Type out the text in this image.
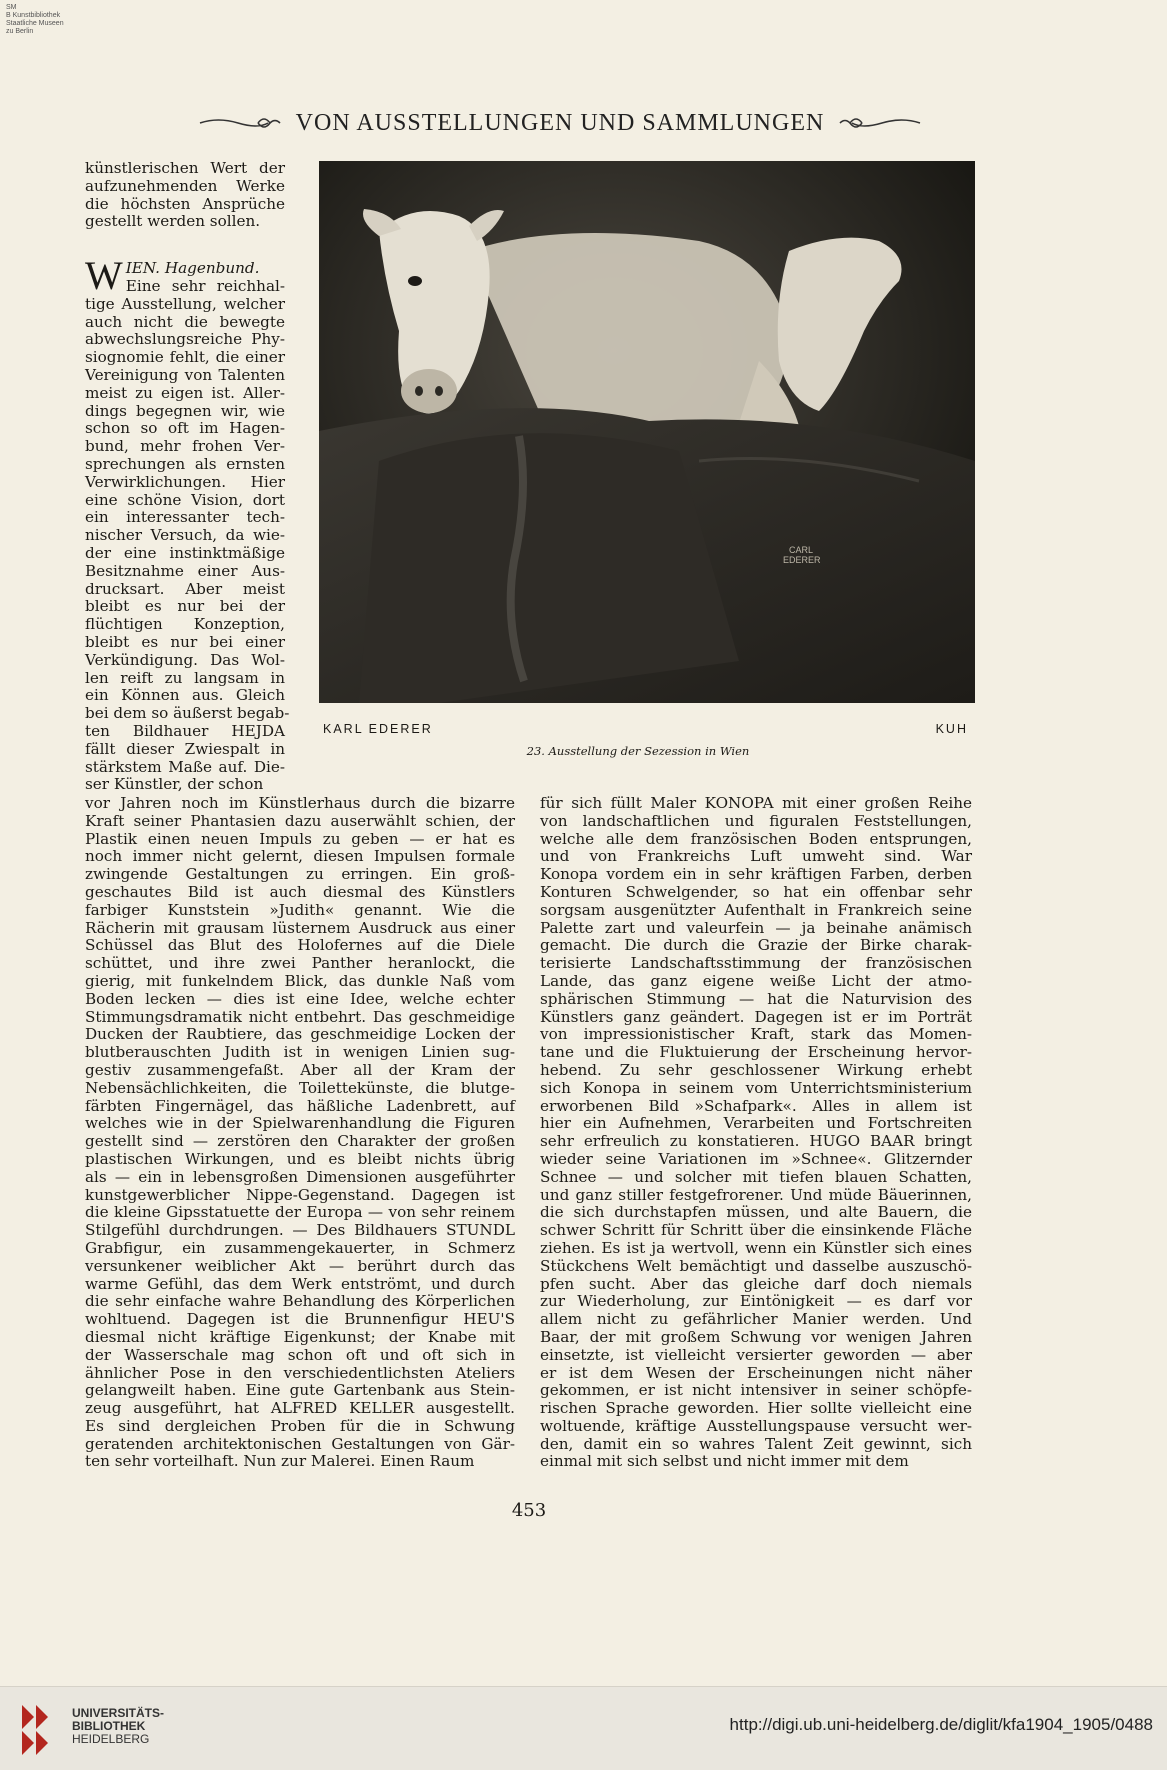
SM
B Kunstbibliothek
Staatliche Museen
zu Berlin
VON AUSSTELLUNGEN UND SAMMLUNGEN
künstlerischen Wert der
aufzunehmenden Werke
die höchsten Ansprüche
gestellt werden sollen.
W IEN. Hagenbund.
Eine sehr reichhal-
tige Ausstellung, welcher
auch nicht die bewegte
abwechslungsreiche Phy-
siognomie fehlt, die einer
Vereinigung von Talenten
meist zu eigen ist. Aller-
dings begegnen wir, wie
schon so oft im Hagen-
bund, mehr frohen Ver-
sprechungen als ernsten
Verwirklichungen. Hier
eine schöne Vision, dort
ein interessanter tech-
nischer Versuch, da wie-
der eine instinktmäßige
Besitznahme einer Aus-
drucksart. Aber meist
bleibt es nur bei der
flüchtigen Konzeption,
bleibt es nur bei einer
Verkündigung. Das Wol-
len reift zu langsam in
ein Können aus. Gleich
bei dem so äußerst begab-
ten Bildhauer HEJDA
fällt dieser Zwiespalt in
stärkstem Maße auf. Die-
ser Künstler, der schon
CARL
EDERER
KARL EDERER	KUH
23. Ausstellung der Sezession in Wien
vor Jahren noch im Künstlerhaus durch die bizarre
Kraft seiner Phantasien dazu auserwählt schien, der
Plastik einen neuen Impuls zu geben — er hat es
noch immer nicht gelernt, diesen Impulsen formale
zwingende Gestaltungen zu erringen. Ein groß-
geschautes Bild ist auch diesmal des Künstlers
farbiger Kunststein »Judith« genannt. Wie die
Rächerin mit grausam lüsternem Ausdruck aus einer
Schüssel das Blut des Holofernes auf die Diele
schüttet, und ihre zwei Panther heranlockt, die
gierig, mit funkelndem Blick, das dunkle Naß vom
Boden lecken — dies ist eine Idee, welche echter
Stimmungsdramatik nicht entbehrt. Das geschmeidige
Ducken der Raubtiere, das geschmeidige Locken der
blutberauschten Judith ist in wenigen Linien sug-
gestiv zusammengefaßt. Aber all der Kram der
Nebensächlichkeiten, die Toilettekünste, die blutge-
färbten Fingernägel, das häßliche Ladenbrett, auf
welches wie in der Spielwarenhandlung die Figuren
gestellt sind — zerstören den Charakter der großen
plastischen Wirkungen, und es bleibt nichts übrig
als — ein in lebensgroßen Dimensionen ausgeführter
kunstgewerblicher Nippe-Gegenstand. Dagegen ist
die kleine Gipsstatuette der Europa — von sehr reinem
Stilgefühl durchdrungen. — Des Bildhauers STUNDL
Grabfigur, ein zusammengekauerter, in Schmerz
versunkener weiblicher Akt — berührt durch das
warme Gefühl, das dem Werk entströmt, und durch
die sehr einfache wahre Behandlung des Körperlichen
wohltuend. Dagegen ist die Brunnenfigur HEU'S
diesmal nicht kräftige Eigenkunst; der Knabe mit
der Wasserschale mag schon oft und oft sich in
ähnlicher Pose in den verschiedentlichsten Ateliers
gelangweilt haben. Eine gute Gartenbank aus Stein-
zeug ausgeführt, hat ALFRED KELLER ausgestellt.
Es sind dergleichen Proben für die in Schwung
geratenden architektonischen Gestaltungen von Gär-
ten sehr vorteilhaft. Nun zur Malerei. Einen Raum
für sich füllt Maler KONOPA mit einer großen Reihe
von landschaftlichen und figuralen Feststellungen,
welche alle dem französischen Boden entsprungen,
und von Frankreichs Luft umweht sind. War
Konopa vordem ein in sehr kräftigen Farben, derben
Konturen Schwelgender, so hat ein offenbar sehr
sorgsam ausgenützter Aufenthalt in Frankreich seine
Palette zart und valeurfein — ja beinahe anämisch
gemacht. Die durch die Grazie der Birke charak-
terisierte Landschaftsstimmung der französischen
Lande, das ganz eigene weiße Licht der atmo-
sphärischen Stimmung — hat die Naturvision des
Künstlers ganz geändert. Dagegen ist er im Porträt
von impressionistischer Kraft, stark das Momen-
tane und die Fluktuierung der Erscheinung hervor-
hebend. Zu sehr geschlossener Wirkung erhebt
sich Konopa in seinem vom Unterrichtsministerium
erworbenen Bild »Schafpark«. Alles in allem ist
hier ein Aufnehmen, Verarbeiten und Fortschreiten
sehr erfreulich zu konstatieren. HUGO BAAR bringt
wieder seine Variationen im »Schnee«. Glitzernder
Schnee — und solcher mit tiefen blauen Schatten,
und ganz stiller festgefrorener. Und müde Bäuerinnen,
die sich durchstapfen müssen, und alte Bauern, die
schwer Schritt für Schritt über die einsinkende Fläche
ziehen. Es ist ja wertvoll, wenn ein Künstler sich eines
Stückchens Welt bemächtigt und dasselbe auszuschö-
pfen sucht. Aber das gleiche darf doch niemals
zur Wiederholung, zur Eintönigkeit — es darf vor
allem nicht zu gefährlicher Manier werden. Und
Baar, der mit großem Schwung vor wenigen Jahren
einsetzte, ist vielleicht versierter geworden — aber
er ist dem Wesen der Erscheinungen nicht näher
gekommen, er ist nicht intensiver in seiner schöpfe-
rischen Sprache geworden. Hier sollte vielleicht eine
woltuende, kräftige Ausstellungspause versucht wer-
den, damit ein so wahres Talent Zeit gewinnt, sich
einmal mit sich selbst und nicht immer mit dem
453
UNIVERSITÄTS-
BIBLIOTHEK
HEIDELBERG
http://digi.ub.uni-heidelberg.de/diglit/kfa1904_1905/0488
